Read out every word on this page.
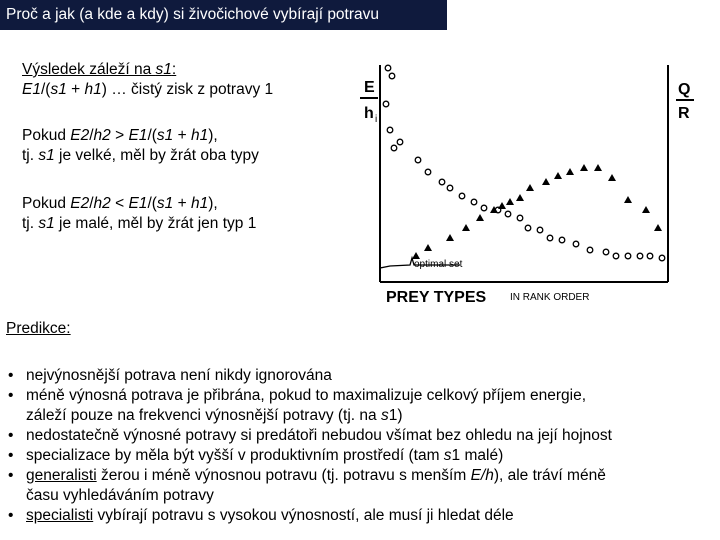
Proč a jak (a kde a kdy) si živočichové vybírají potravu
Výsledek záleží na s1:
E1/(s1 + h1) … čistý zisk z potravy 1
Pokud E2/h2 > E1/(s1 + h1),
tj. s1 je velké, měl by žrát oba typy
Pokud E2/h2 < E1/(s1 + h1),
tj. s1 je malé, měl by žrát jen typ 1
Predikce:
• nejvýnosnější potrava není nikdy ignorována
• méně výnosná potrava je přibrána, pokud to maximalizuje celkový příjem energie,
záleží pouze na frekvenci výnosnější potravy (tj. na s1)
• nedostatečně výnosné potravy si predátoři nebudou všímat bez ohledu na její hojnost
• specializace by měla být vyšší v produktivním prostředí (tam s1 malé)
• generalisti žerou i méně výnosnou potravu (tj. potravu s menším E/h), ale tráví méně
času vyhledáváním potravy
• specialisti vybírají potravu s vysokou výnosností, ale musí ji hledat déle
E
h i
Q
R
optimal set
PREY TYPES IN RANK ORDER
